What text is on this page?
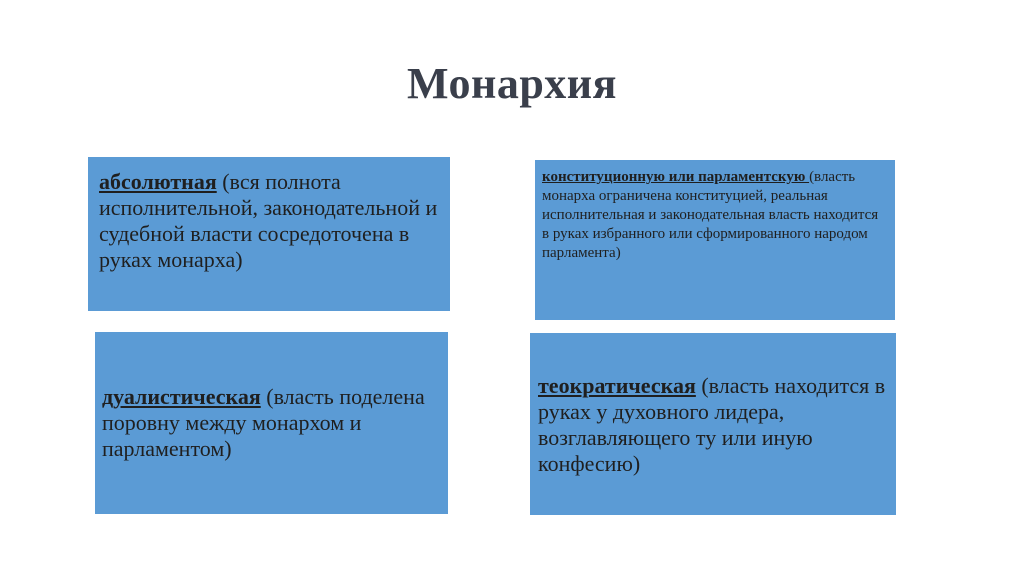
Монархия
абсолютная (вся полнота исполнительной, законодательной и судебной власти сосредоточена в руках монарха)
конституционную или парламентскую (власть монарха ограничена конституцией, реальная исполнительная и законодательная власть находится в руках избранного или сформированного народом парламента)
дуалистическая (власть поделена поровну между монархом и парламентом)
теократическая (власть находится в руках у духовного лидера, возглавляющего ту или иную конфесию)
